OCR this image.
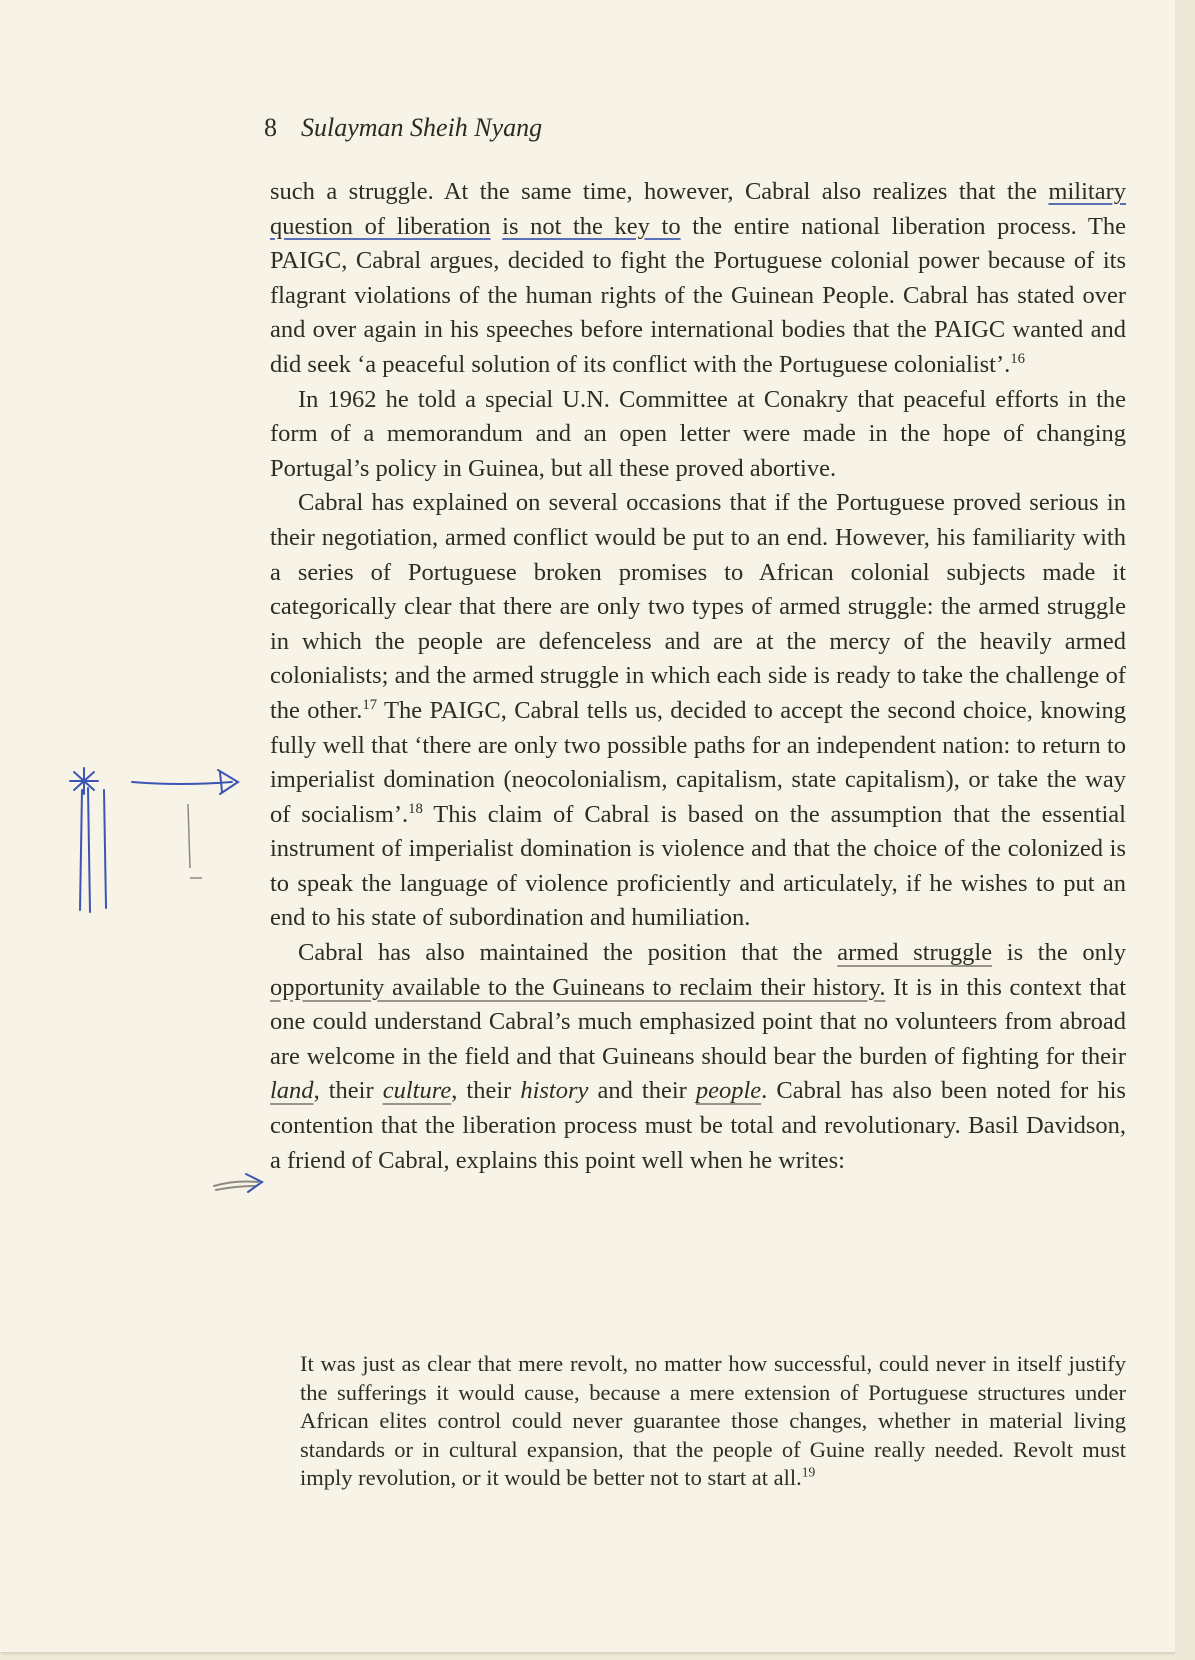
8 Sulayman Sheih Nyang

such a struggle. At the same time, however, Cabral also realizes that the military question of liberation is not the key to the entire national liberation process. The PAIGC, Cabral argues, decided to fight the Portuguese colonial power because of its flagrant violations of the human rights of the Guinean People. Cabral has stated over and over again in his speeches before international bodies that the PAIGC wanted and did seek ‘a peaceful solution of its conflict with the Portuguese colonialist’.$^{16}$

In 1962 he told a special U.N. Committee at Conakry that peaceful efforts in the form of a memorandum and an open letter were made in the hope of changing Portugal’s policy in Guinea, but all these proved abortive.

Cabral has explained on several occasions that if the Portuguese proved serious in their negotiation, armed conflict would be put to an end. However, his familiarity with a series of Portuguese broken promises to African colonial subjects made it categorically clear that there are only two types of armed struggle: the armed struggle in which the people are defenceless and are at the mercy of the heavily armed colonialists; and the armed struggle in which each side is ready to take the challenge of the other.$^{17}$ The PAIGC, Cabral tells us, decided to accept the second choice, knowing fully well that ‘there are only two possible paths for an independent nation: to return to imperialist domination (neocolonialism, capitalism, state capitalism), or take the way of socialism’.$^{18}$ This claim of Cabral is based on the assumption that the essential instrument of imperialist domination is violence and that the choice of the colonized is to speak the language of violence proficiently and articulately, if he wishes to put an end to his state of subordination and humiliation.

Cabral has also maintained the position that the armed struggle is the only opportunity available to the Guineans to reclaim their history. It is in this context that one could understand Cabral’s much emphasized point that no volunteers from abroad are welcome in the field and that Guineans should bear the burden of fighting for their land, their culture, their history and their people. Cabral has also been noted for his contention that the liberation process must be total and revolutionary. Basil Davidson, a friend of Cabral, explains this point well when he writes:

It was just as clear that mere revolt, no matter how successful, could never in itself justify the sufferings it would cause, because a mere extension of Portuguese structures under African elites control could never guarantee those changes, whether in material living standards or in cultural expansion, that the people of Guine really needed. Revolt must imply revolution, or it would be better not to start at all.$^{19}$
